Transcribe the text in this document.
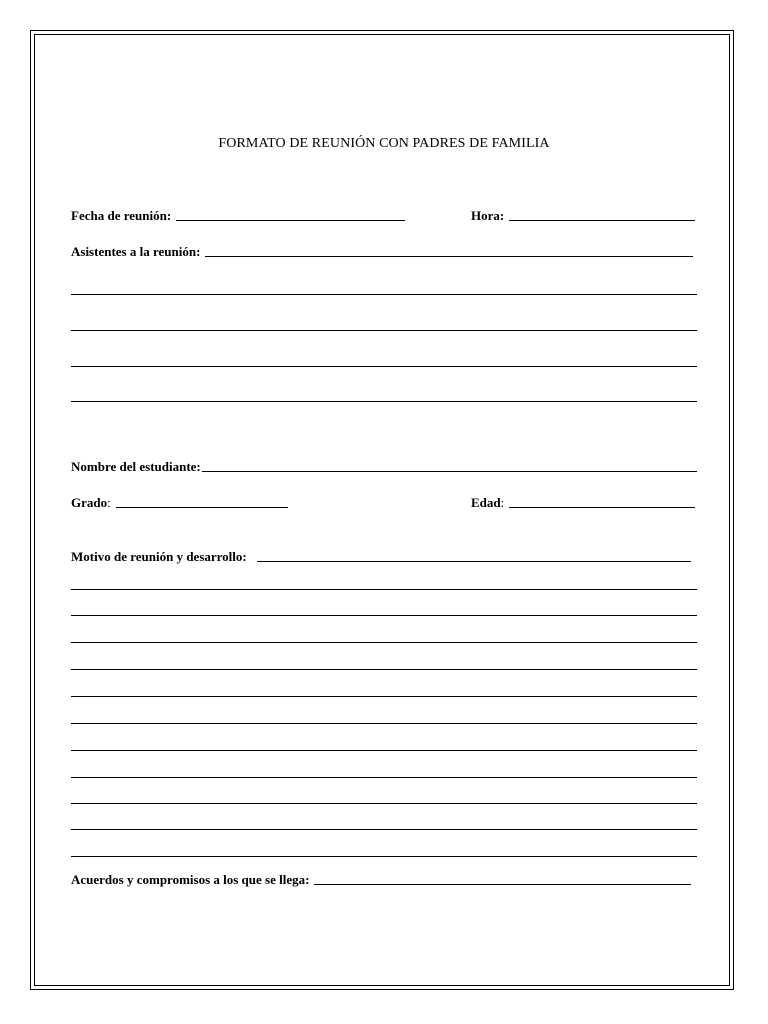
FORMATO DE REUNIÓN CON PADRES DE FAMILIA
Fecha de reunión:	Hora:
Asistentes a la reunión:
Nombre del estudiante:
Grado :	Edad :
Motivo de reunión y desarrollo:
Acuerdos y compromisos a los que se llega:
